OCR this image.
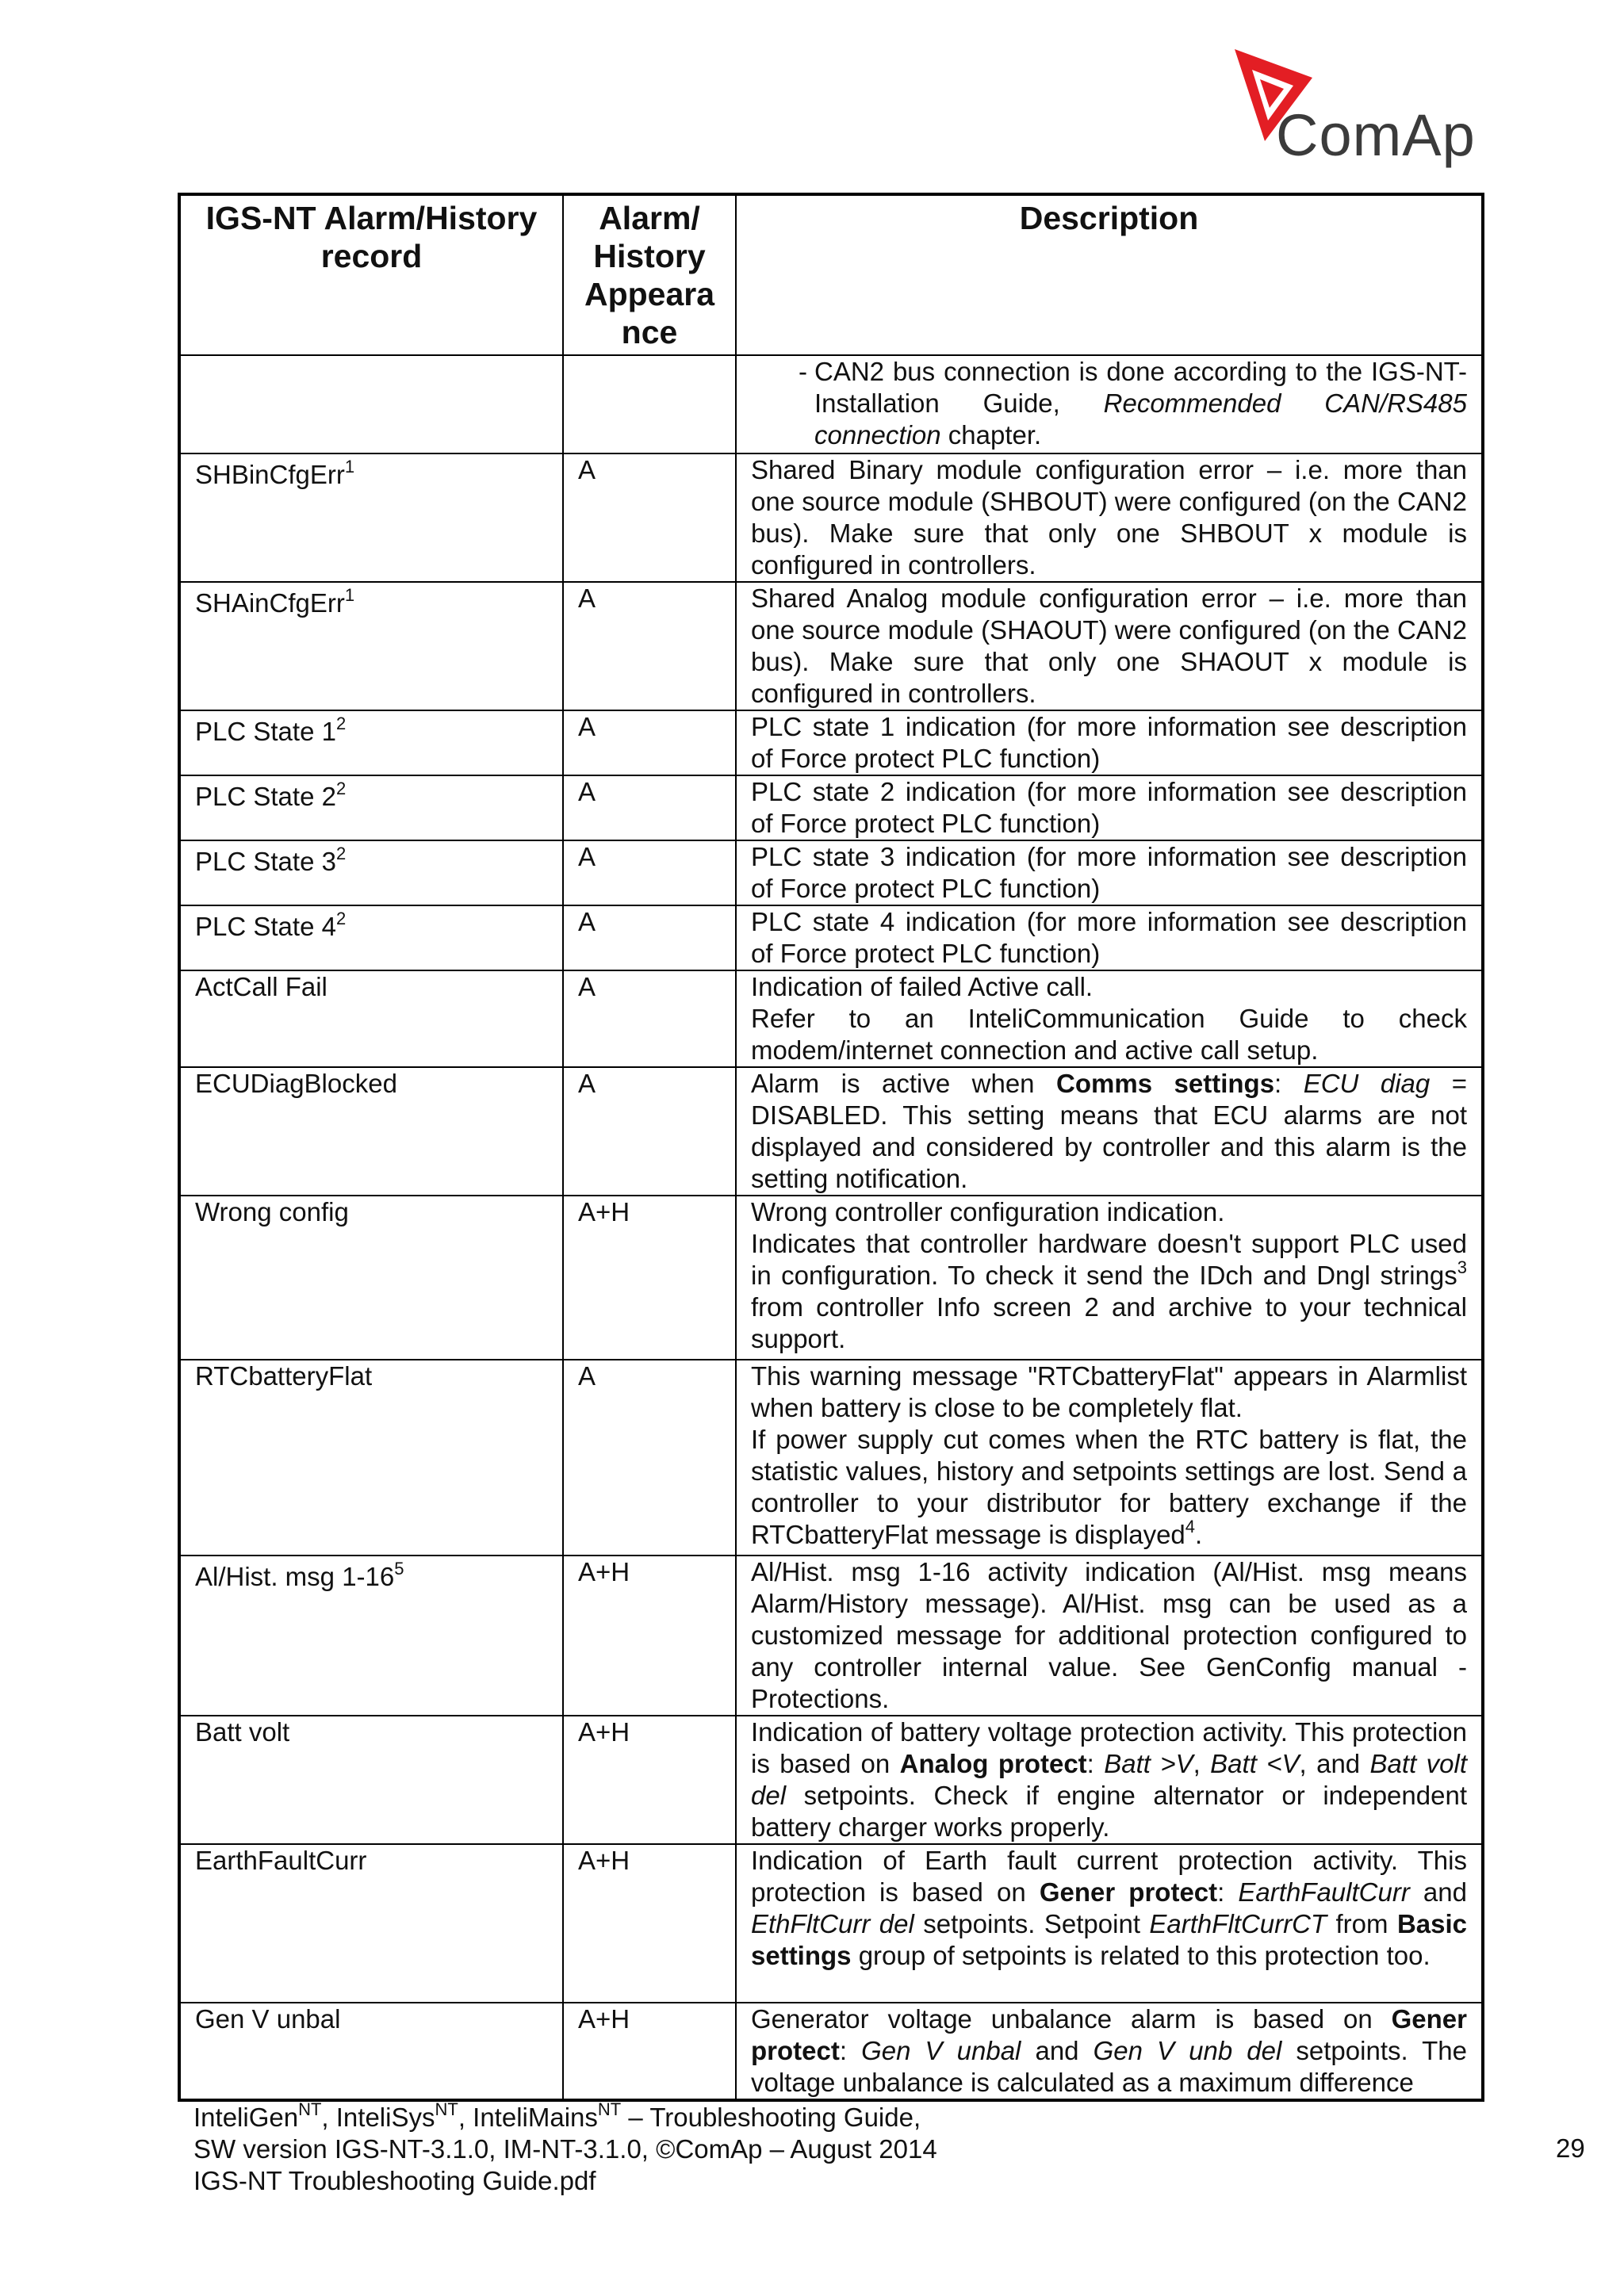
ComAp
IGS-NT Alarm/History record	Alarm/ History Appeara nce	Description

		- CAN2 bus connection is done according to the IGS-NT-Installation Guide, Recommended CAN/RS485 connection chapter.

SHBinCfgErr$^1$	A	Shared Binary module configuration error – i.e. more than one source module (SHBOUT) were configured (on the CAN2 bus). Make sure that only one SHBOUT x module is configured in controllers.
SHAinCfgErr$^1$	A	Shared Analog module configuration error – i.e. more than one source module (SHAOUT) were configured (on the CAN2 bus). Make sure that only one SHAOUT x module is configured in controllers.
PLC State $1^2$	A	PLC state 1 indication (for more information see description of Force protect PLC function)
PLC State $2^2$	A	PLC state 2 indication (for more information see description of Force protect PLC function)
PLC State $3^2$	A	PLC state 3 indication (for more information see description of Force protect PLC function)
PLC State $4^2$	A	PLC state 4 indication (for more information see description of Force protect PLC function)
ActCall Fail	A	Indication of failed Active call.

Refer to an InteliCommunication Guide to check modem/internet connection and active call setup.

ECUDiagBlocked	A	Alarm is active when Comms settings: ECU diag = DISABLED. This setting means that ECU alarms are not displayed and considered by controller and this alarm is the setting notification.
Wrong config	A+H	Wrong controller configuration indication.

Indicates that controller hardware doesn't support PLC used in configuration. To check it send the IDch and Dngl strings$^3$ from controller Info screen 2 and archive to your technical support.

RTCbatteryFlat	A	This warning message "RTCbatteryFlat" appears in Alarmlist when battery is close to be completely flat.

If power supply cut comes when the RTC battery is flat, the statistic values, history and setpoints settings are lost. Send a controller to your distributor for battery exchange if the RTCbatteryFlat message is displayed$^4$.

Al/Hist. msg $1-16^5$	A+H	Al/Hist. msg 1-16 activity indication (Al/Hist. msg means Alarm/History message). Al/Hist. msg can be used as a customized message for additional protection configured to any controller internal value. See GenConfig manual - Protections.
Batt volt	A+H	Indication of battery voltage protection activity. This protection is based on Analog protect: Batt >V, Batt <V, and Batt volt del setpoints. Check if engine alternator or independent battery charger works properly.
EarthFaultCurr	A+H	Indication of Earth fault current protection activity. This protection is based on Gener protect: EarthFaultCurr and EthFltCurr del setpoints. Setpoint EarthFltCurrCT from Basic settings group of setpoints is related to this protection too.
Gen V unbal	A+H	Generator voltage unbalance alarm is based on Gener protect: Gen V unbal and Gen V unb del setpoints. The voltage unbalance is calculated as a maximum difference

InteliGen$^{NT}$, InteliSys$^{NT}$, InteliMains$^{NT}$ – Troubleshooting Guide,

SW version IGS-NT-3.1.0, IM-NT-3.1.0, ©ComAp – August 2014

IGS-NT Troubleshooting Guide.pdf

29
